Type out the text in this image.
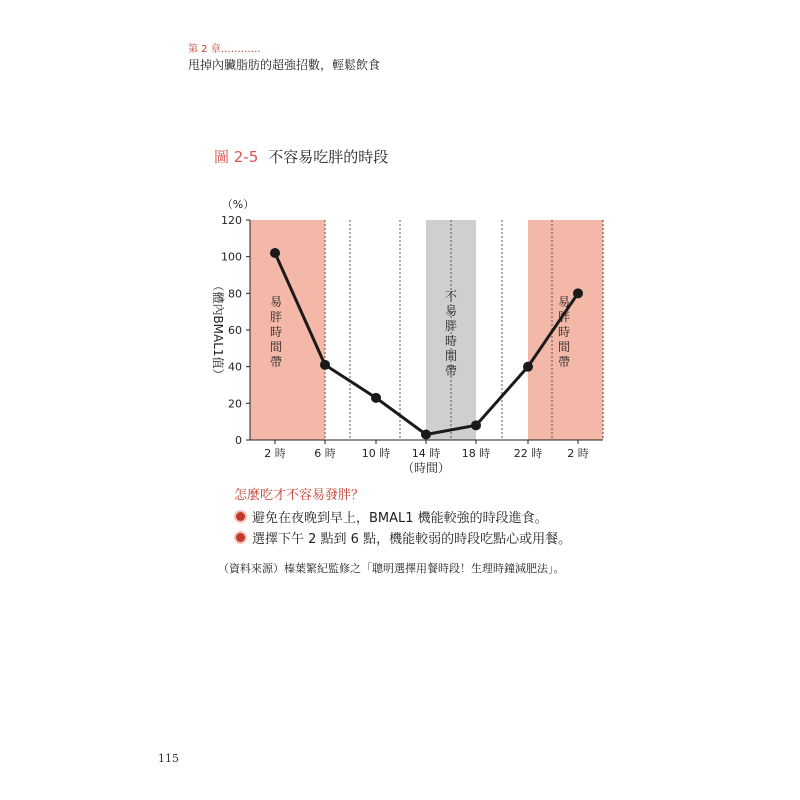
第 2 章…………
甩掉內臟脂肪的超強招數，輕鬆飲食
圖 2-5 不容易吃胖的時段
0
20
40
60
80
100
120
（%）
（體內BMAL1值）
2 時	6 時 10 時 14 時 18 時 22 時 2 時
（時間）
易胖時間帶
不易胖時間帶
易胖時間帶
怎麼吃才不容易發胖？
避免在夜晚到早上，BMAL1 機能較強的時段進食。
選擇下午 2 點到 6 點，機能較弱的時段吃點心或用餐。
（資料來源）榛葉繁紀監修之「聰明選擇用餐時段！生理時鐘減肥法」。
115
